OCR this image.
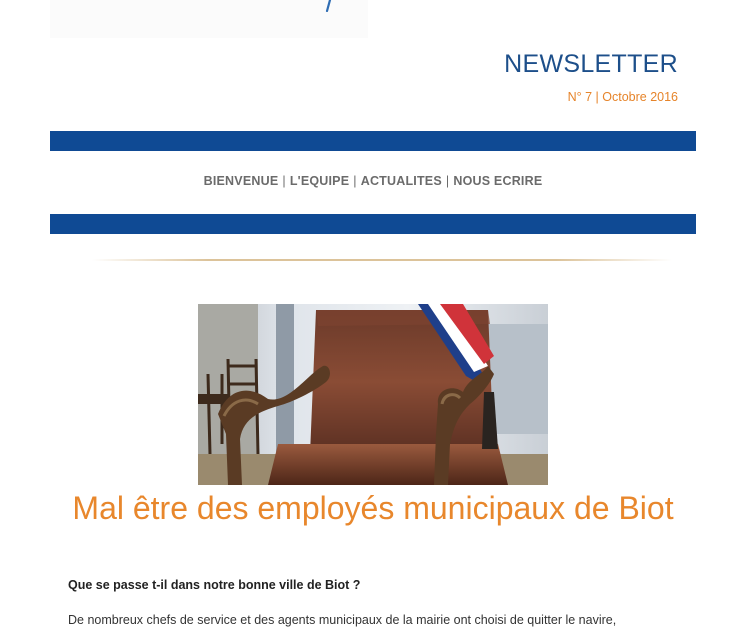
NEWSLETTER
N° 7 | Octobre 2016
BIENVENUE | L'EQUIPE | ACTUALITES | NOUS ECRIRE
Mal être des employés municipaux de Biot
Que se passe t-il dans notre bonne ville de Biot ?
De nombreux chefs de service et des agents municipaux de la mairie ont choisi de quitter le navire,
